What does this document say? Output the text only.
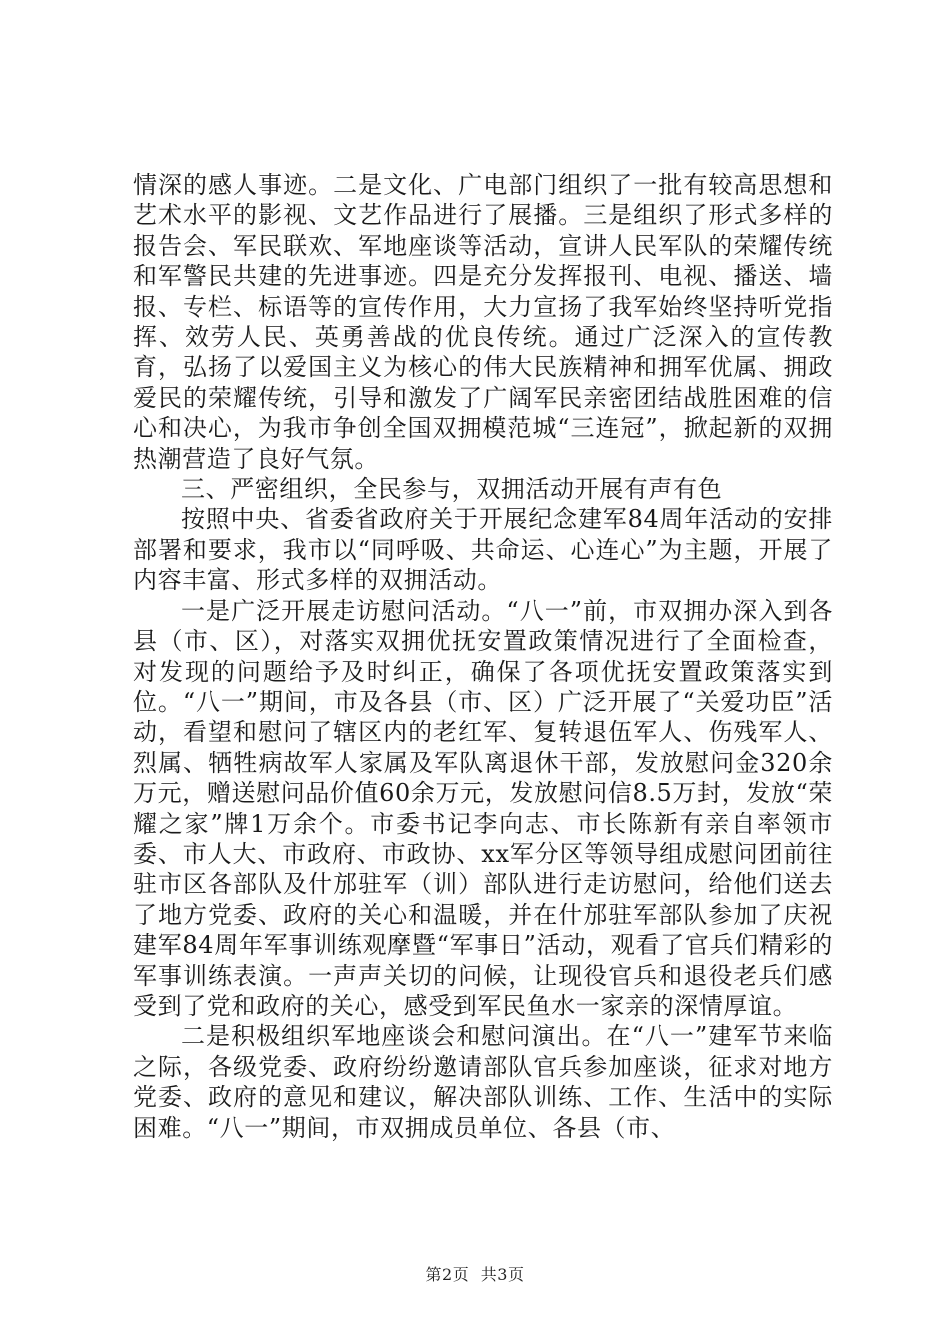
情深的感人事迹。二是文化、广电部门组织了一批有较高思想和艺术水平的影视、文艺作品进行了展播。三是组织了形式多样的报告会、军民联欢、军地座谈等活动，宣讲人民军队的荣耀传统和军警民共建的先进事迹。四是充分发挥报刊、电视、播送、墙报、专栏、标语等的宣传作用，大力宣扬了我军始终坚持听党指挥、效劳人民、英勇善战的优良传统。通过广泛深入的宣传教育，弘扬了以爱国主义为核心的伟大民族精神和拥军优属、拥政爱民的荣耀传统，引导和激发了广阔军民亲密团结战胜困难的信心和决心，为我市争创全国双拥模范城“三连冠”，掀起新的双拥热潮营造了良好气氛。

三、严密组织，全民参与，双拥活动开展有声有色

按照中央、省委省政府关于开展纪念建军84周年活动的安排部署和要求，我市以“同呼吸、共命运、心连心”为主题，开展了内容丰富、形式多样的双拥活动。

一是广泛开展走访慰问活动。“八一”前，市双拥办深入到各县（市、区），对落实双拥优抚安置政策情况进行了全面检查，对发现的问题给予及时纠正，确保了各项优抚安置政策落实到位。“八一”期间，市及各县（市、区）广泛开展了“关爱功臣”活动，看望和慰问了辖区内的老红军、复转退伍军人、伤残军人、烈属、牺牲病故军人家属及军队离退休干部，发放慰问金320余万元，赠送慰问品价值60余万元，发放慰问信8.5万封，发放“荣耀之家”牌1万余个。市委书记李向志、市长陈新有亲自率领市委、市人大、市政府、市政协、xx军分区等领导组成慰问团前往驻市区各部队及什邡驻军（训）部队进行走访慰问，给他们送去了地方党委、政府的关心和温暖，并在什邡驻军部队参加了庆祝建军84周年军事训练观摩暨“军事日”活动，观看了官兵们精彩的军事训练表演。一声声关切的问候，让现役官兵和退役老兵们感受到了党和政府的关心，感受到军民鱼水一家亲的深情厚谊。

二是积极组织军地座谈会和慰问演出。在“八一”建军节来临之际，各级党委、政府纷纷邀请部队官兵参加座谈，征求对地方党委、政府的意见和建议，解决部队训练、工作、生活中的实际困难。“八一”期间，市双拥成员单位、各县（市、

第2页 共3页
